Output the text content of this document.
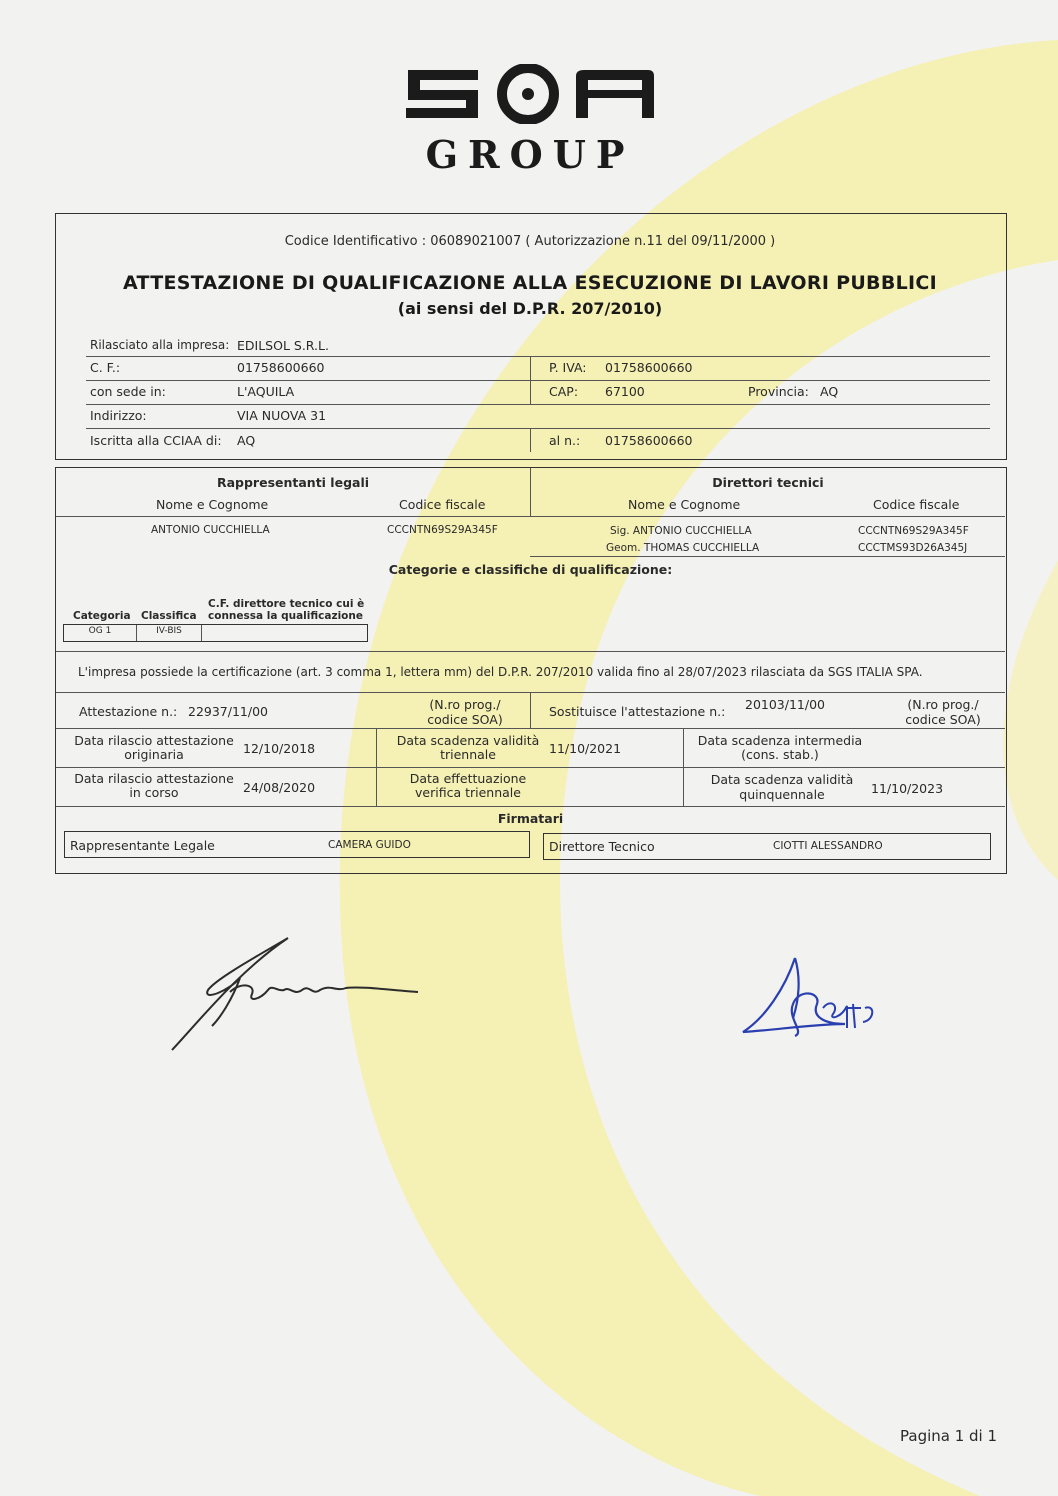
GROUP
Codice Identificativo : 06089021007 ( Autorizzazione n.11 del 09/11/2000 )
ATTESTAZIONE DI QUALIFICAZIONE ALLA ESECUZIONE DI LAVORI PUBBLICI
(ai sensi del D.P.R. 207/2010)
Rilasciato alla impresa: EDILSOL S.R.L.
C. F.:	01758600660	P. IVA: 01758600660
con sede in:	L'AQUILA	CAP: 67100	Provincia: AQ
Indirizzo:	VIA NUOVA 31
Iscritta alla CCIAA di: AQ	al n.: 01758600660
Rappresentanti legali
Nome e Cognome	Codice fiscale
Direttori tecnici
Nome e Cognome	Codice fiscale
ANTONIO CUCCHIELLA	CCCNTN69S29A345F	Sig. ANTONIO CUCCHIELLA	CCCNTN69S29A345F
Geom. THOMAS CUCCHIELLA	CCCTMS93D26A345J
Categorie e classifiche di qualificazione:
Categoria Classifica
C.F. direttore tecnico cui è
connessa la qualificazione
OG 1	IV-BIS
L'impresa possiede la certificazione (art. 3 comma 1, lettera mm) del D.P.R. 207/2010 valida fino al 28/07/2023 rilasciata da SGS ITALIA SPA.
Attestazione n.: 22937/11/00	(N.ro prog./
codice SOA)
Sostituisce l'attestazione n.: 20103/11/00	(N.ro prog./
codice SOA)
Data rilascio attestazione
originaria	12/10/2018
Data scadenza validità
triennale	11/10/2021
Data scadenza intermedia
(cons. stab.)
Data rilascio attestazione
in corso	24/08/2020
Data effettuazione
verifica triennale
Data scadenza validità
quinquennale	11/10/2023
Firmatari
Rappresentante Legale	CAMERA GUIDO	Direttore Tecnico	CIOTTI ALESSANDRO
Pagina 1 di 1
